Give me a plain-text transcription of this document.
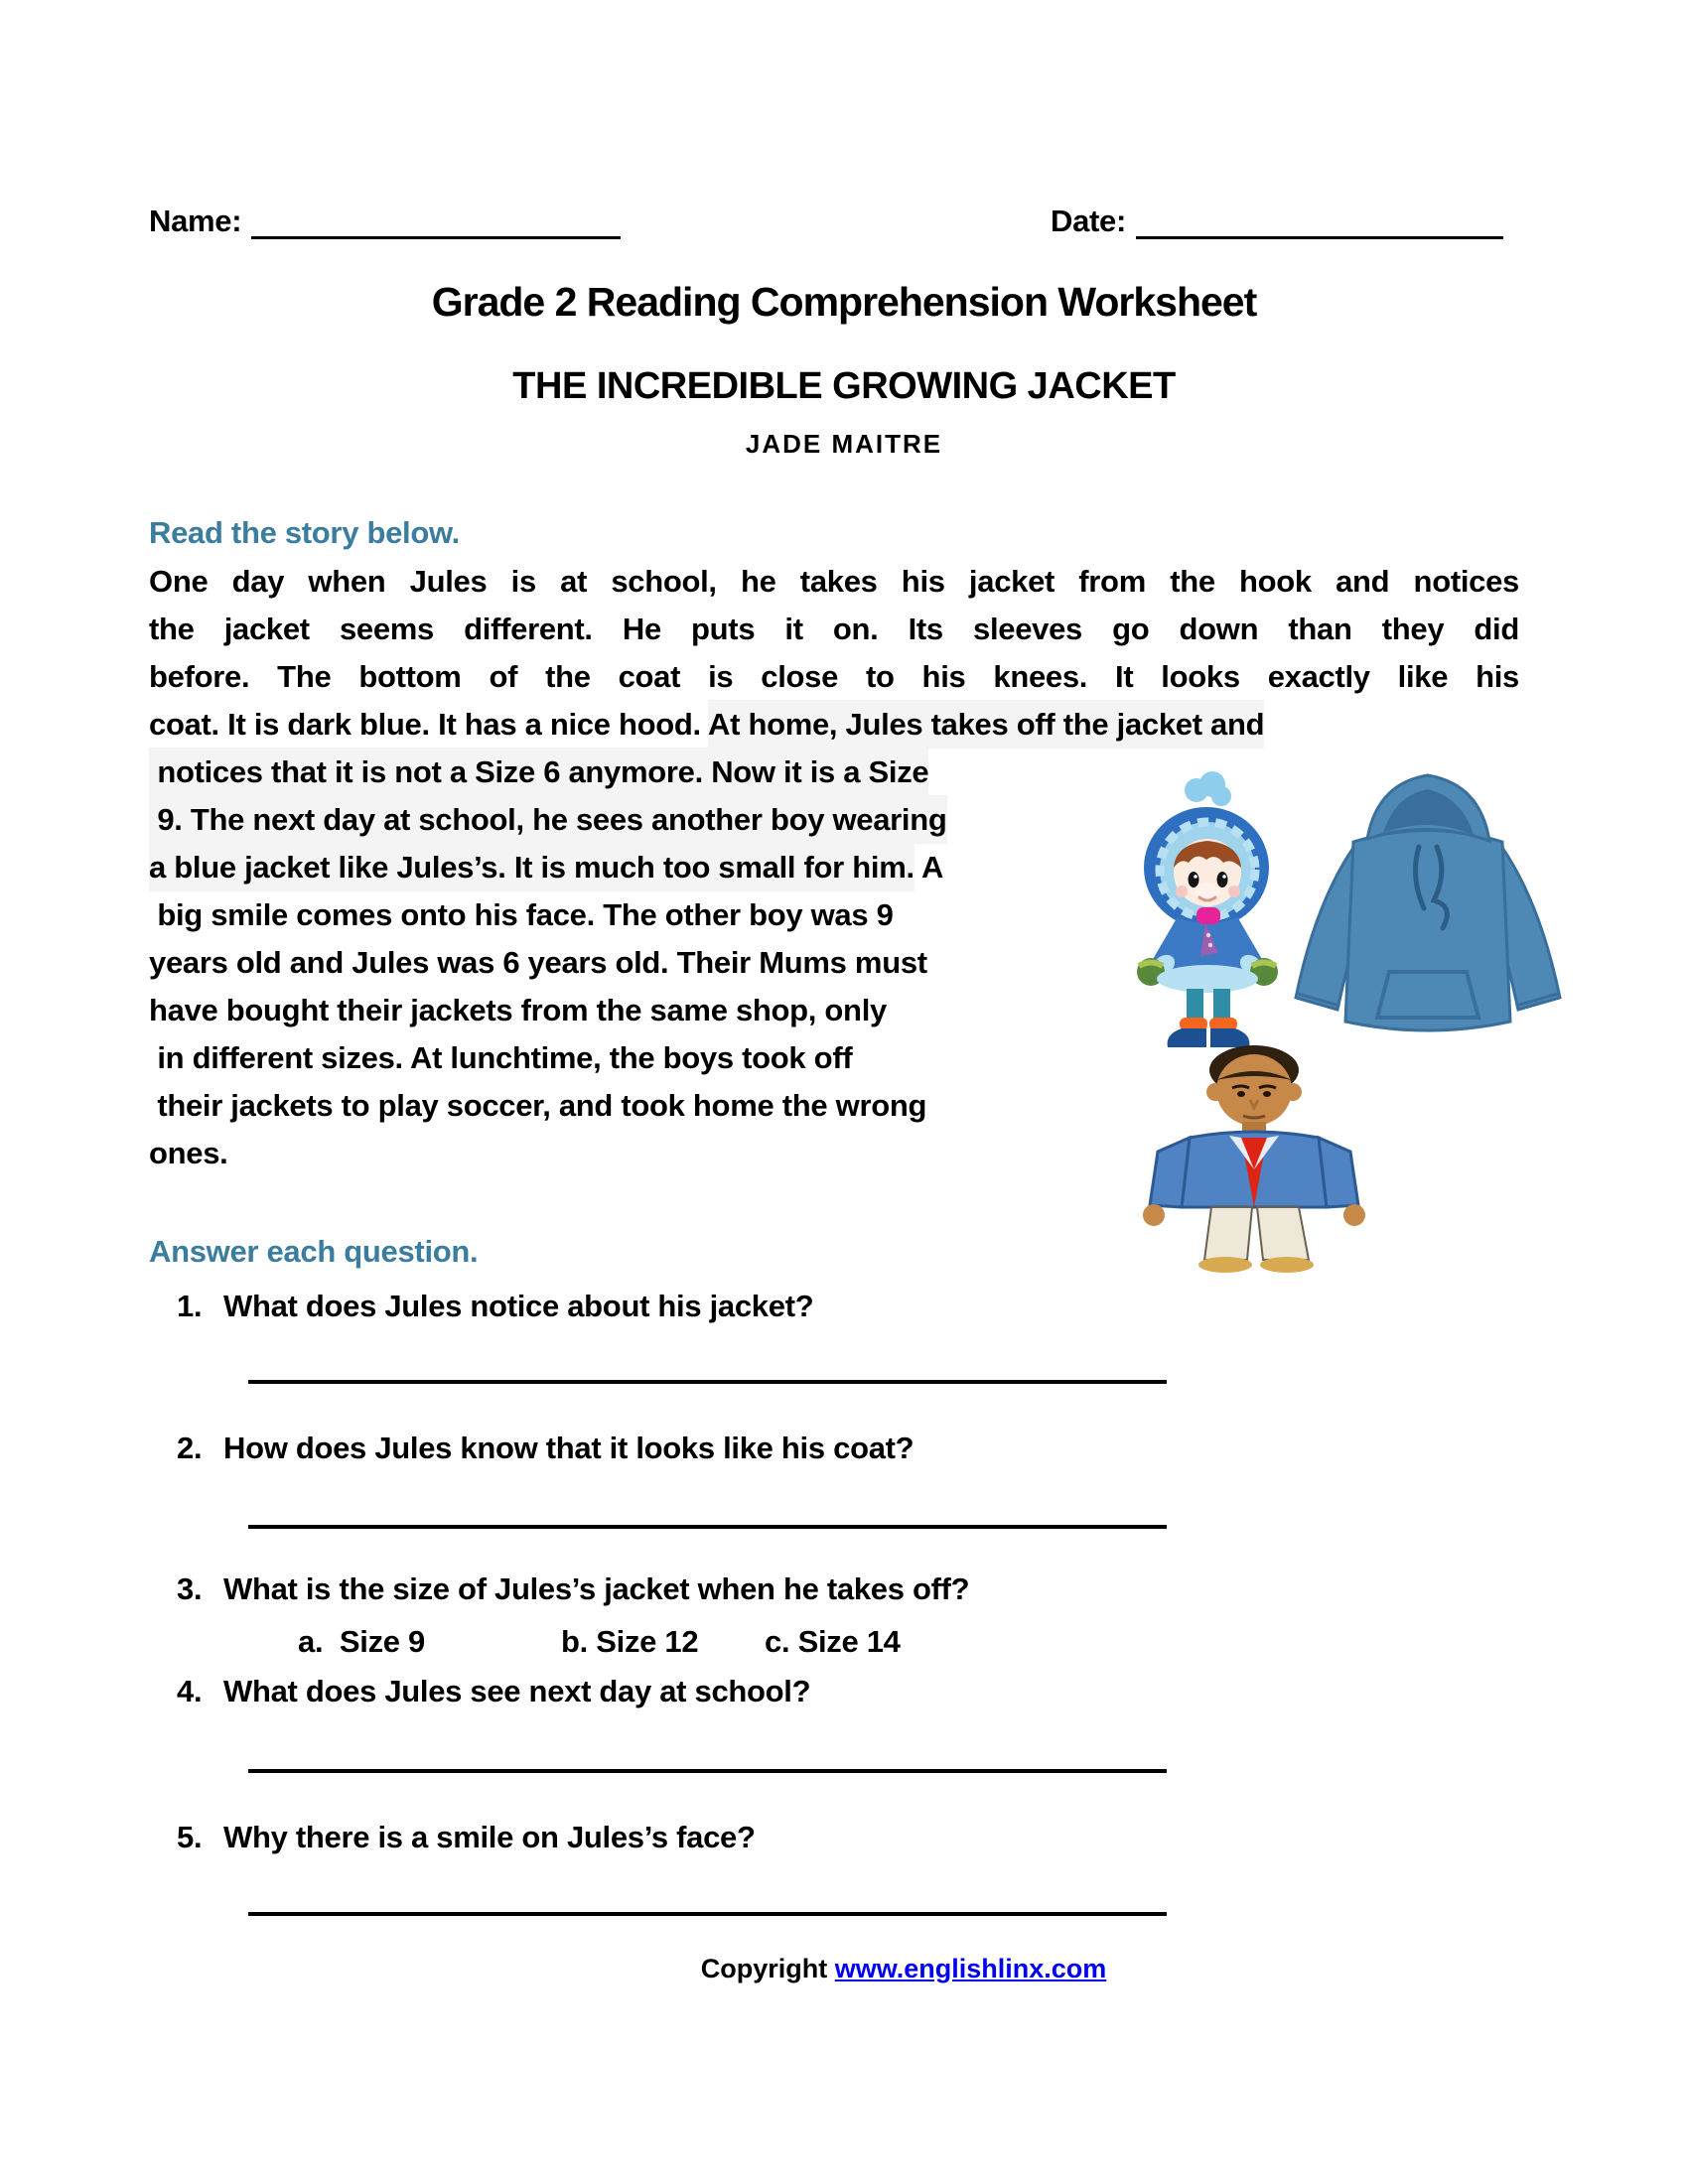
Name:	Date:
Grade 2 Reading Comprehension Worksheet
THE INCREDIBLE GROWING JACKET
JADE MAITRE
Read the story below.
One day when Jules is at school, he takes his jacket from the hook and notices
the jacket seems different. He puts it on. Its sleeves go down than they did
before. The bottom of the coat is close to his knees. It looks exactly like his
coat. It is dark blue. It has a nice hood. At home, Jules takes off the jacket and
notices that it is not a Size 6 anymore. Now it is a Size
9. The next day at school, he sees another boy wearing
a blue jacket like Jules’s. It is much too small for him. A
big smile comes onto his face. The other boy was 9
years old and Jules was 6 years old. Their Mums must
have bought their jackets from the same shop, only
in different sizes. At lunchtime, the boys took off
their jackets to play soccer, and took home the wrong
ones.
Answer each question.
1. What does Jules notice about his jacket?
2. How does Jules know that it looks like his coat?
3. What is the size of Jules’s jacket when he takes off?
a.  Size 9	b. Size 12 c. Size 14
4. What does Jules see next day at school?
5. Why there is a smile on Jules’s face?
Copyright www.englishlinx.com
